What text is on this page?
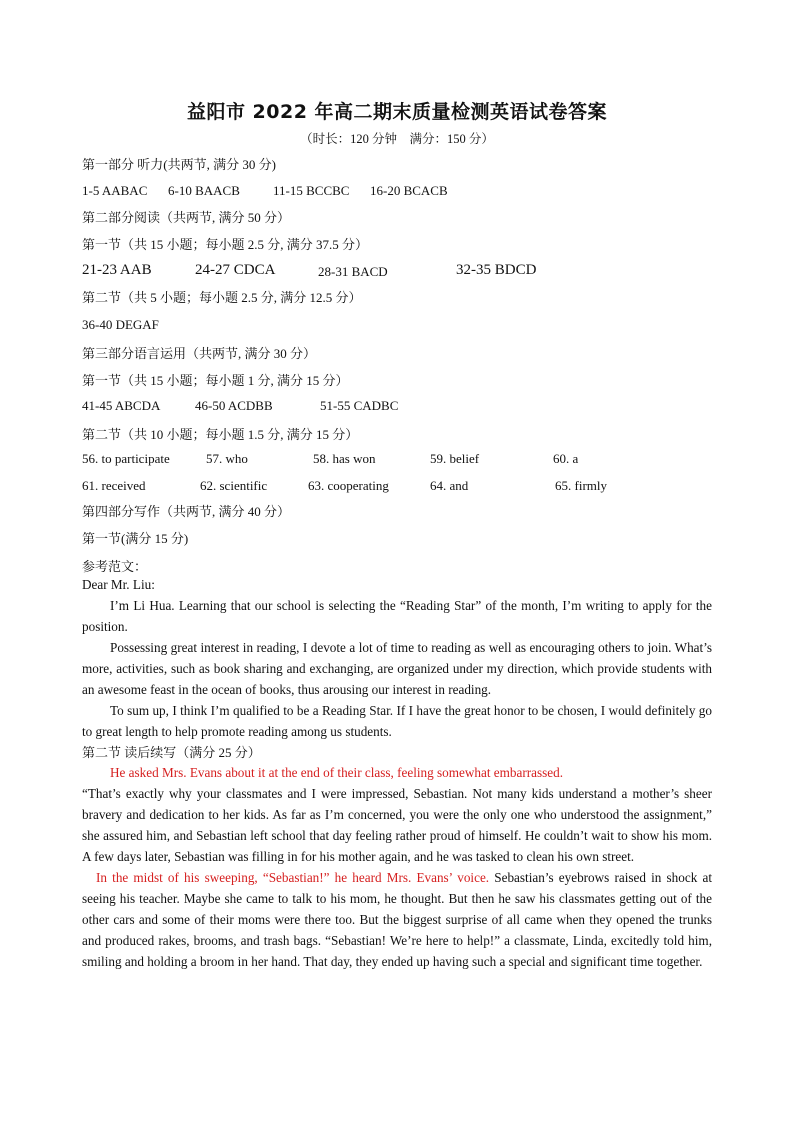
益阳市 2022 年高二期末质量检测英语试卷答案
（时长：120 分钟　满分：150 分）
第一部分 听力(共两节, 满分 30 分)
1-5 AABAC 6-10 BAACB	11-15 BCCBC 16-20 BCACB
第二部分阅读（共两节, 满分 50 分）
第一节（共 15 小题；每小题 2.5 分, 满分 37.5 分）
21-23 AAB	24-27 CDCA	28-31 BACD	32-35 BDCD
第二节（共 5 小题；每小题 2.5 分, 满分 12.5 分）
36-40 DEGAF
第三部分语言运用（共两节, 满分 30 分）
第一节（共 15 小题；每小题 1 分, 满分 15 分）
41-45 ABCDA	46-50 ACDBB	51-55 CADBC
第二节（共 10 小题；每小题 1.5 分, 满分 15 分）
56. to participate	57. who	58. has won	59. belief	60. a
61. received	62. scientific	63. cooperating	64. and	65. firmly
第四部分写作（共两节, 满分 40 分）
第一节(满分 15 分)
参考范文：

Dear Mr. Liu:

I’m Li Hua. Learning that our school is selecting the “Reading Star” of the month, I’m writing to apply for the position.

Possessing great interest in reading, I devote a lot of time to reading as well as encouraging others to join. What’s more, activities, such as book sharing and exchanging, are organized under my direction, which provide students with an awesome feast in the ocean of books, thus arousing our interest in reading.

To sum up, I think I’m qualified to be a Reading Star. If I have the great honor to be chosen, I would definitely go to great length to help promote reading among us students.

第二节 读后续写（满分 25 分）

He asked Mrs. Evans about it at the end of their class, feeling somewhat embarrassed.

“That’s exactly why your classmates and I were impressed, Sebastian. Not many kids understand a mother’s sheer bravery and dedication to her kids. As far as I’m concerned, you were the only one who understood the assignment,” she assured him, and Sebastian left school that day feeling rather proud of himself. He couldn’t wait to show his mom. A few days later, Sebastian was filling in for his mother again, and he was tasked to clean his own street.

In the midst of his sweeping, “Sebastian!” he heard Mrs. Evans’ voice. Sebastian’s eyebrows raised in shock at seeing his teacher. Maybe she came to talk to his mom, he thought. But then he saw his classmates getting out of the other cars and some of their moms were there too. But the biggest surprise of all came when they opened the trunks and produced rakes, brooms, and trash bags. “Sebastian! We’re here to help!” a classmate, Linda, excitedly told him, smiling and holding a broom in her hand. That day, they ended up having such a special and significant time together.
